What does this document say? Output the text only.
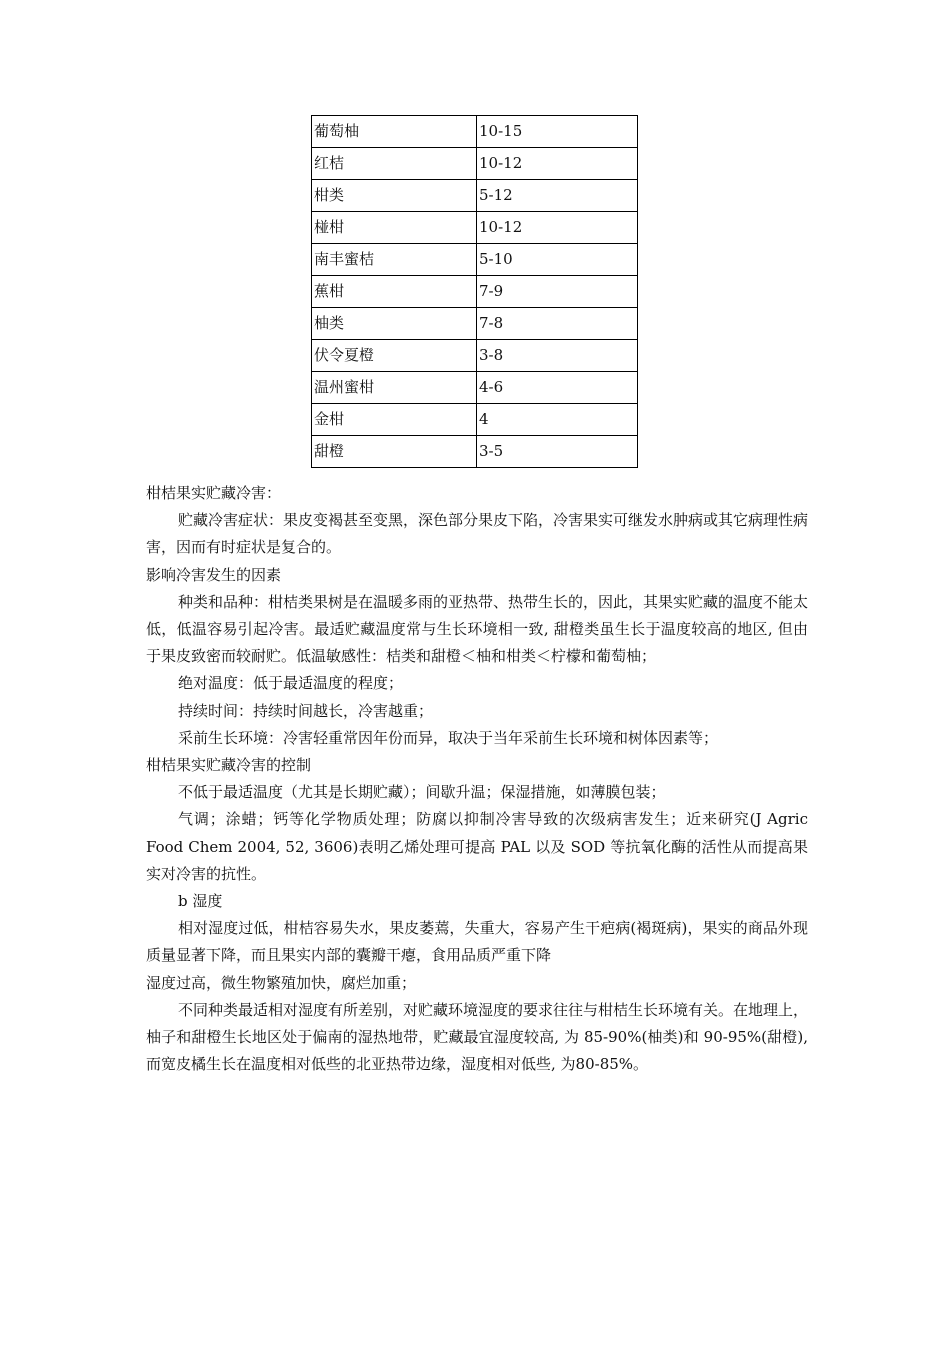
葡萄柚	10-15
红桔	10-12
柑类	5-12
椪柑	10-12
南丰蜜桔	5-10
蕉柑	7-9
柚类	7-8
伏令夏橙	3-8
温州蜜柑	4-6
金柑	4
甜橙	3-5

柑桔果实贮藏冷害：

贮藏冷害症状：果皮变褐甚至变黑，深色部分果皮下陷，冷害果实可继发水肿病或其它病理性病害，因而有时症状是复合的。

影响冷害发生的因素

种类和品种：柑桔类果树是在温暖多雨的亚热带、热带生长的，因此，其果实贮藏的温度不能太低，低温容易引起冷害。最适贮藏温度常与生长环境相一致, 甜橙类虽生长于温度较高的地区, 但由于果皮致密而较耐贮。低温敏感性：桔类和甜橙＜柚和柑类＜柠檬和葡萄柚；

绝对温度：低于最适温度的程度；

持续时间：持续时间越长，冷害越重；

采前生长环境：冷害轻重常因年份而异，取决于当年采前生长环境和树体因素等；

柑桔果实贮藏冷害的控制

不低于最适温度（尤其是长期贮藏）；间歇升温；保湿措施，如薄膜包装；

气调；涂蜡；钙等化学物质处理；防腐以抑制冷害导致的次级病害发生；近来研究(J Agric Food Chem 2004, 52, 3606)表明乙烯处理可提高 PAL 以及 SOD 等抗氧化酶的活性从而提高果实对冷害的抗性。

b 湿度

相对湿度过低，柑桔容易失水，果皮萎蔫，失重大，容易产生干疤病(褐斑病)，果实的商品外现质量显著下降，而且果实内部的囊瓣干瘪，食用品质严重下降

湿度过高，微生物繁殖加快，腐烂加重；

不同种类最适相对湿度有所差别，对贮藏环境湿度的要求往往与柑桔生长环境有关。在地理上，柚子和甜橙生长地区处于偏南的湿热地带，贮藏最宜湿度较高, 为 85-90%(柚类)和 90-95%(甜橙), 而宽皮橘生长在温度相对低些的北亚热带边缘，湿度相对低些, 为80-85%。
